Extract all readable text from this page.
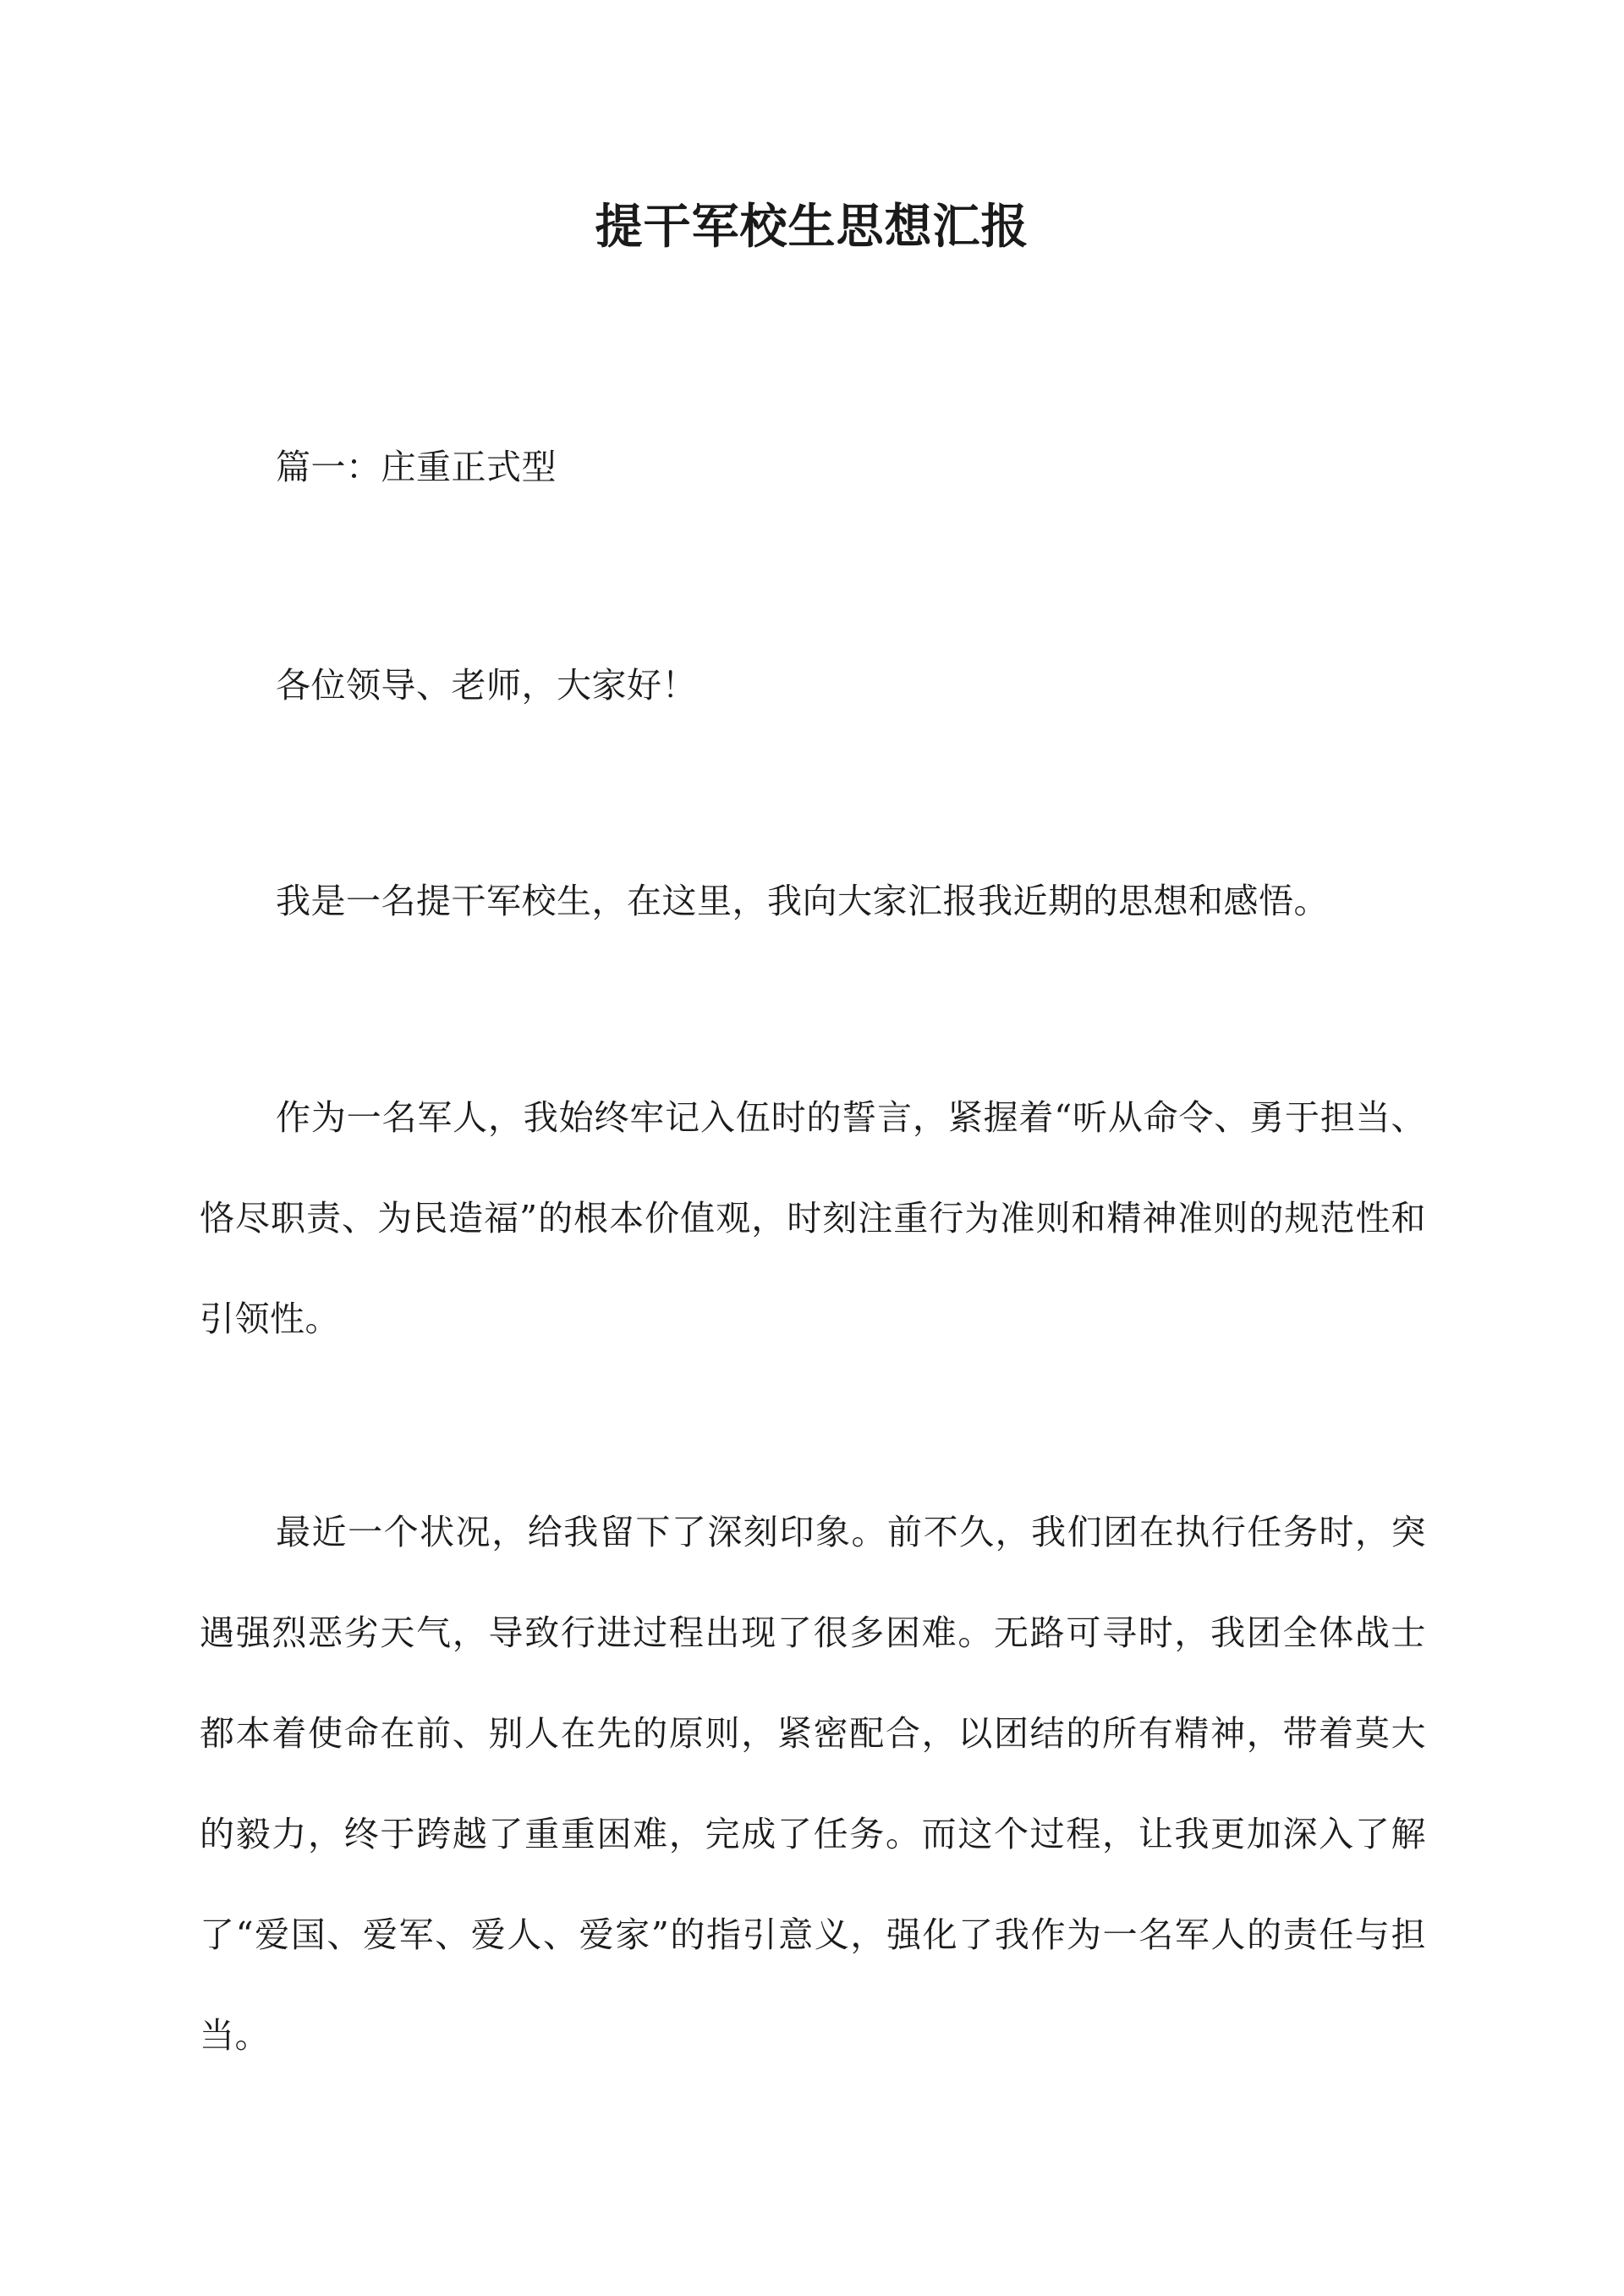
提干军校生思想汇报

篇一：庄重正式型

各位领导、老师，大家好！

我是一名提干军校生，在这里，我向大家汇报我近期的思想和感悟。

作为一名军人，我始终牢记入伍时的誓言，紧握着“听从命令、勇于担当、恪尽职责、为民造福”的根本价值观，时刻注重行为准则和精神准则的规范性和引领性。

最近一个状况，给我留下了深刻印象。前不久，我们团在执行任务时，突遇强烈恶劣天气，导致行进过程出现了很多困难。无路可寻时，我团全体战士都本着使命在前、别人在先的原则，紧密配合，以团结的所有精神，带着莫大的毅力，终于跨越了重重困难，完成了任务。而这个过程，让我更加深入了解了“爱国、爱军、爱人、爱家”的指引意义，强化了我作为一名军人的责任与担当。
